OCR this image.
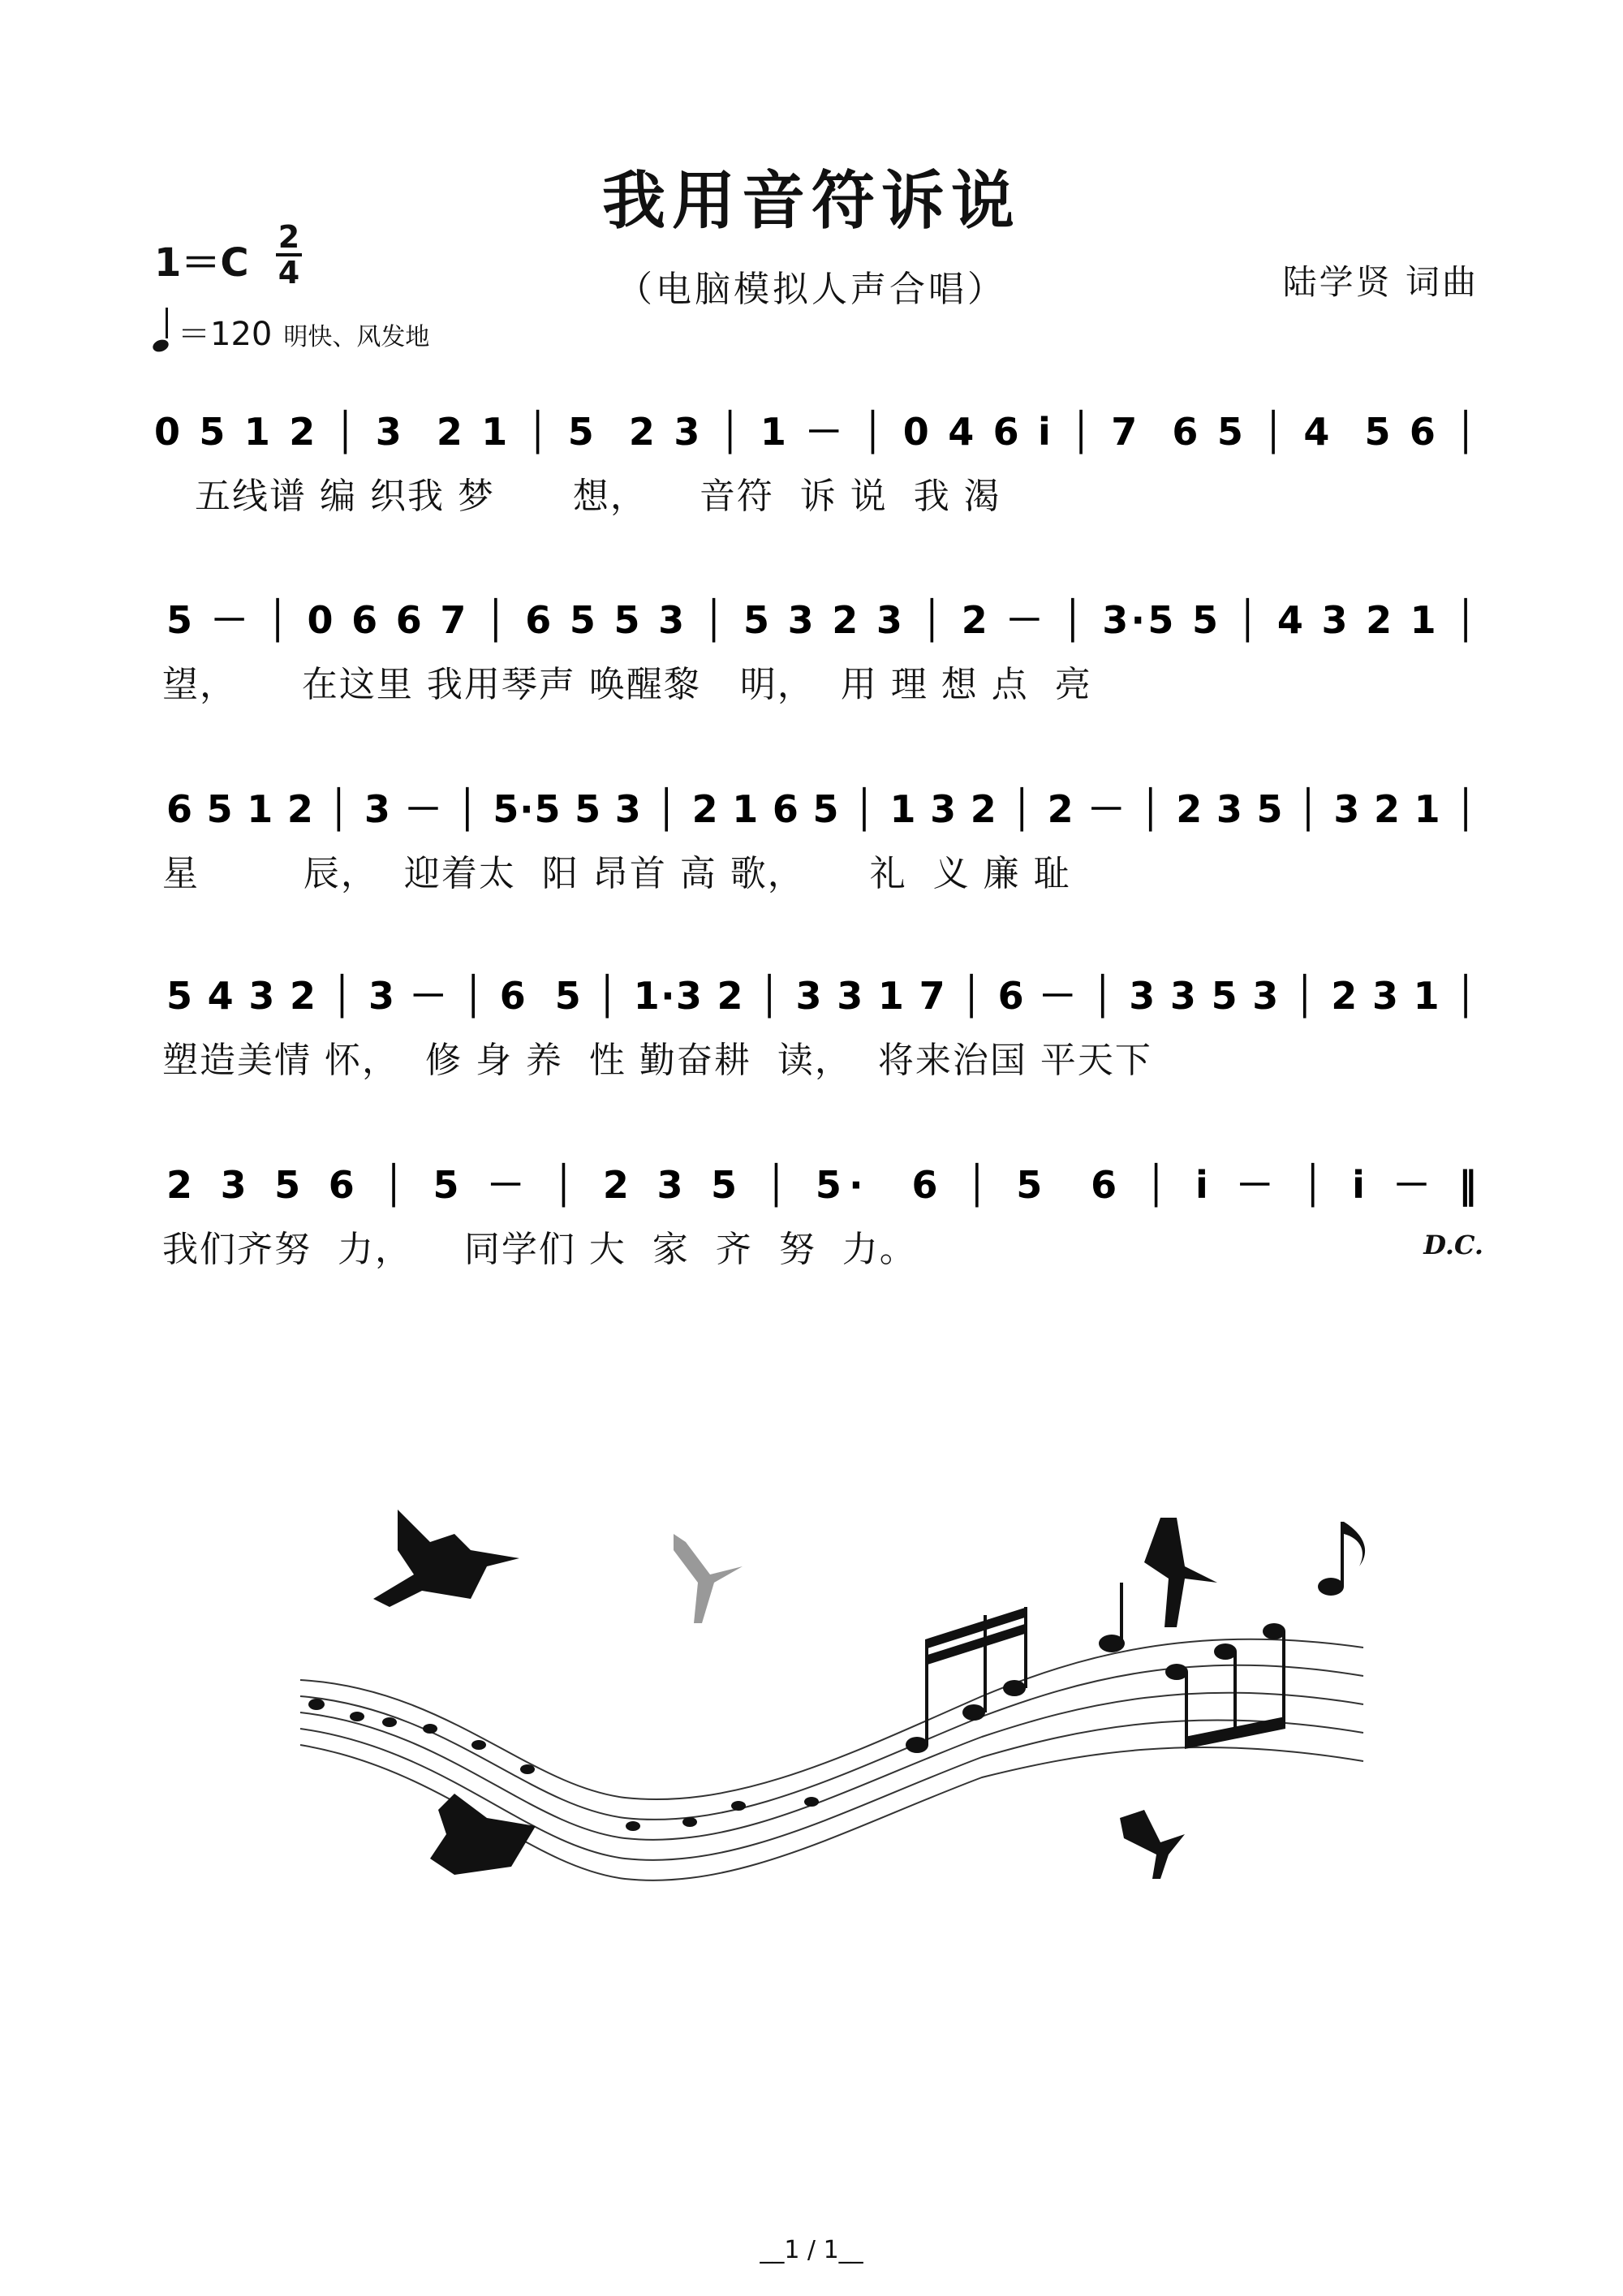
我用音符诉说
（电脑模拟人声合唱）	陆学贤 词曲
1＝C
2
4
＝120 明快、风发地
0 5 1 2 │ 3  2 1 │ 5  2 3 │ 1 － │ 0 4 6 i │ 7  6 5 │ 4  5 6 │
五线谱 编 织我 梦      想，    音符  诉 说  我 渴
5 － │ 0 6 6 7 │ 6 5 5 3 │ 5 3 2 3 │ 2 － │ 3·5 5 │ 4 3 2 1 │
望，     在这里 我用琴声 唤醒黎   明，  用 理 想 点  亮
6 5 1 2 │ 3 － │ 5·5 5 3 │ 2 1 6 5 │ 1 3 2 │ 2 － │ 2 3 5 │ 3 2 1 │
星        辰，  迎着太  阳 昂首 高 歌，     礼  义 廉 耻
5 4 3 2 │ 3 － │ 6  5 │ 1·3 2 │ 3 3 1 7 │ 6 － │ 3 3 5 3 │ 2 3 1 │
塑造美情 怀，  修 身 养  性 勤奋耕  读，  将来治国 平天下
2 3 5 6 │ 5 － │ 2 3 5 │ 5·  6 │ 5  6 │ i － │ i － ‖
我们齐努  力，    同学们 大  家  齐  努  力。	D.C.
__1 / 1__
